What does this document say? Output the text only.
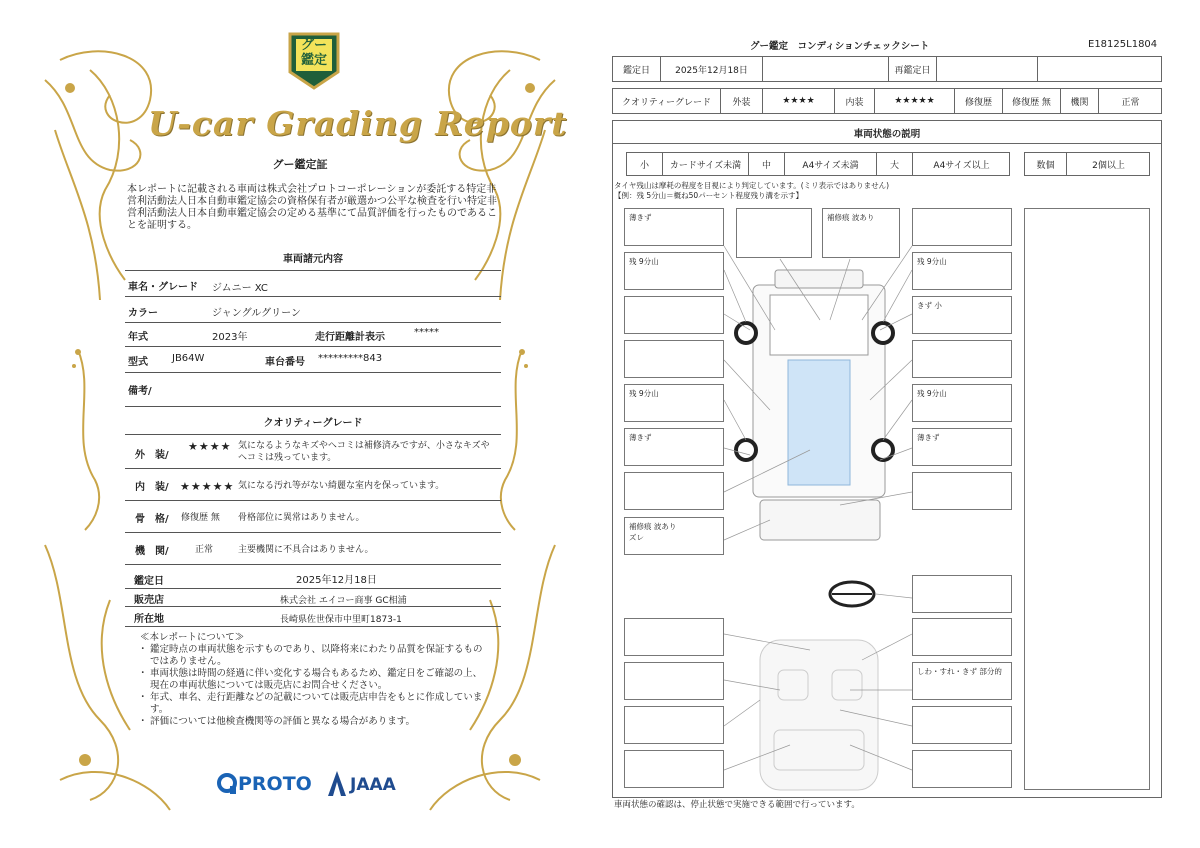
グー
鑑定
U-car Grading Report
グー鑑定証
本レポートに記載される車両は株式会社プロトコーポレーションが委託する特定非営利活動法人日本自動車鑑定協会の資格保有者が厳選かつ公平な検査を行い特定非営利活動法人日本自動車鑑定協会の定める基準にて品質評価を行ったものであることを証明する。
車両諸元内容
車名・グレード ジムニー XC
カラー	ジャングルグリーン
年式	2023年	走行距離計表示	*****
型式 JB64W	車台番号 *********843
備考/
クオリティーグレード
外　装/
★★★★ 気になるようなキズやヘコミは補修済みですが、小さなキズやヘコミは残っています。
内　装/ ★★★★★ 気になる汚れ等がない綺麗な室内を保っています。
骨　格/ 修復歴 無 骨格部位に異常はありません。
機　関/	正常	主要機関に不具合はありません。
鑑定日	2025年12月18日
販売店	株式会社 エイコー商事 GC相浦
所在地	長崎県佐世保市中里町1873-1
≪本レポートについて≫
・ 鑑定時点の車両状態を示すものであり、以降将来にわたり品質を保証するものではありません。
・ 車両状態は時間の経過に伴い変化する場合もあるため、鑑定日をご確認の上、現在の車両状態については販売店にお問合せください。
・ 年式、車名、走行距離などの記載については販売店申告をもとに作成しています。
・ 評価については他検査機関等の評価と異なる場合があります。
PROTO JAAA
グー鑑定　コンディションチェックシート	E18125L1804
鑑定日	2025年12月18日	再鑑定日
クオリティーグレード	外装	★★★★	内装	★★★★★	修復歴	修復歴 無	機関	正常
車両状態の説明
小	カードサイズ未満	中	A4サイズ未満	大	A4サイズ以上	数個	2個以上
タイヤ残山は摩耗の程度を目視により判定しています。(ミリ表示ではありません)
【例：残 5分山＝概ね50パーセント程度残り溝を示す】
薄きず
残 9分山
残 9分山
薄きず
補修痕 波あり
ズレ
補修痕 波あり
残 9分山
きず 小
残 9分山
薄きず
しわ・すれ・きず 部分的
車両状態の確認は、停止状態で実施できる範囲で行っています。
